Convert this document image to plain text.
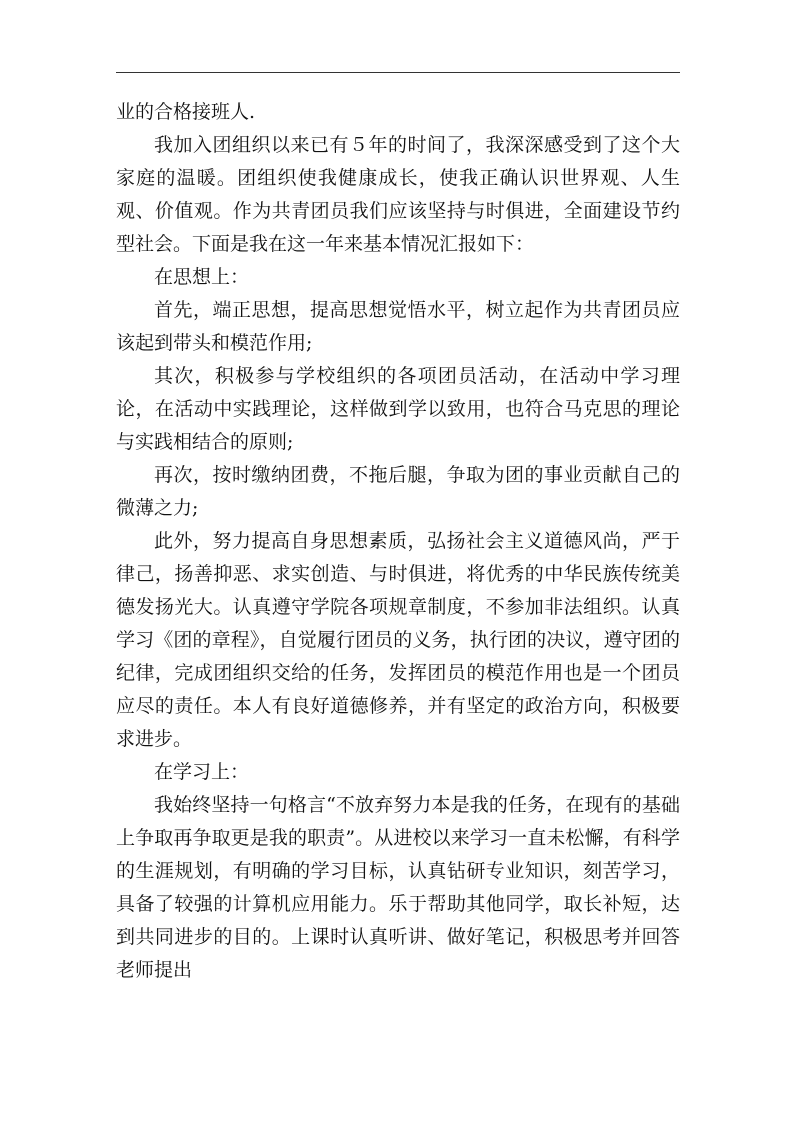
业的合格接班人.

我加入团组织以来已有５年的时间了，我深深感受到了这个大家庭的温暖。团组织使我健康成长，使我正确认识世界观、人生观、价值观。作为共青团员我们应该坚持与时俱进，全面建设节约型社会。下面是我在这一年来基本情况汇报如下：

在思想上：

首先，端正思想，提高思想觉悟水平，树立起作为共青团员应该起到带头和模范作用;

其次，积极参与学校组织的各项团员活动，在活动中学习理论，在活动中实践理论，这样做到学以致用，也符合马克思的理论与实践相结合的原则;

再次，按时缴纳团费，不拖后腿，争取为团的事业贡献自己的微薄之力;

此外，努力提高自身思想素质，弘扬社会主义道德风尚，严于律己，扬善抑恶、求实创造、与时俱进，将优秀的中华民族传统美德发扬光大。认真遵守学院各项规章制度，不参加非法组织。认真学习《团的章程》，自觉履行团员的义务，执行团的决议，遵守团的纪律，完成团组织交给的任务，发挥团员的模范作用也是一个团员应尽的责任。本人有良好道德修养，并有坚定的政治方向，积极要求进步。

在学习上：

我始终坚持一句格言“不放弃努力本是我的任务，在现有的基础上争取再争取更是我的职责”。从进校以来学习一直未松懈，有科学的生涯规划，有明确的学习目标，认真钻研专业知识，刻苦学习，具备了较强的计算机应用能力。乐于帮助其他同学，取长补短，达到共同进步的目的。上课时认真听讲、做好笔记，积极思考并回答老师提出
